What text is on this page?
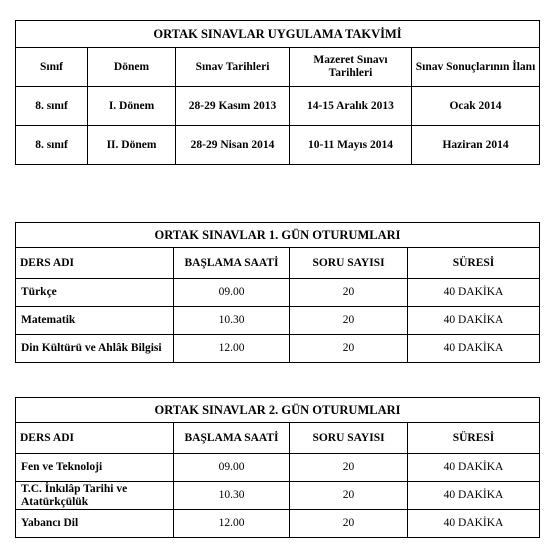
ORTAK SINAVLAR UYGULAMA TAKVİMİ				
Sınıf	Dönem	Sınav Tarihleri	Mazeret Sınavı Tarihleri	Sınav Sonuçlarının İlanı
8. sınıf	I. Dönem	28-29 Kasım 2013	14-15 Aralık 2013	Ocak 2014
8. sınıf	II. Dönem	28-29 Nisan 2014	10-11 Mayıs 2014	Haziran 2014
ORTAK SINAVLAR 1. GÜN OTURUMLARI			
DERS ADI	BAŞLAMA SAATİ	SORU SAYISI	SÜRESİ
Türkçe	09.00	20	40 DAKİKA
Matematik	10.30	20	40 DAKİKA
Din Kültürü ve Ahlâk Bilgisi	12.00	20	40 DAKİKA
ORTAK SINAVLAR 2. GÜN OTURUMLARI			
DERS ADI	BAŞLAMA SAATİ	SORU SAYISI	SÜRESİ
Fen ve Teknoloji	09.00	20	40 DAKİKA
T.C. İnkılâp Tarihi ve Atatürkçülük	10.30	20	40 DAKİKA
Yabancı Dil	12.00	20	40 DAKİKA
